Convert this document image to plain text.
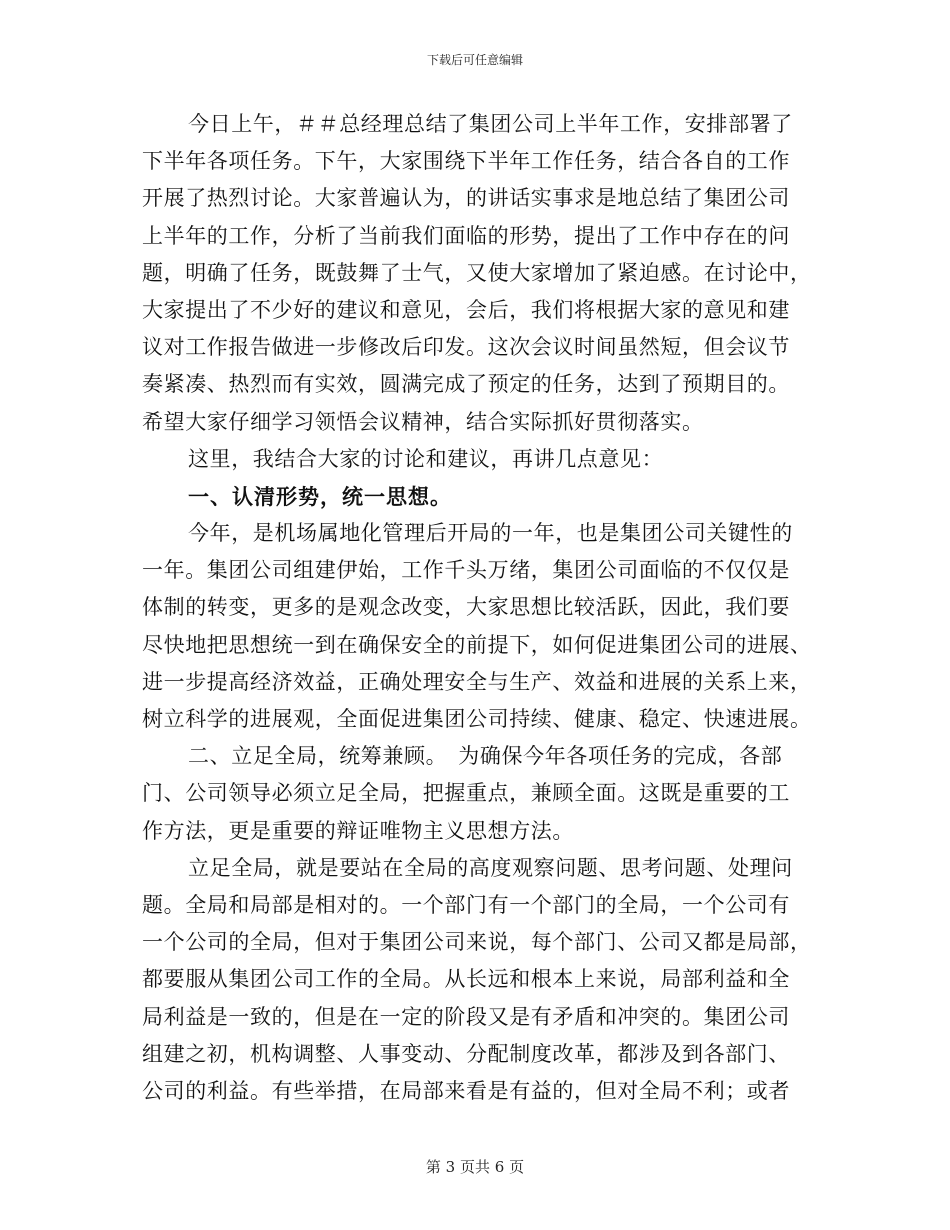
下载后可任意编辑
今日上午，＃＃总经理总结了集团公司上半年工作，安排部署了
下半年各项任务。下午，大家围绕下半年工作任务，结合各自的工作
开展了热烈讨论。大家普遍认为，的讲话实事求是地总结了集团公司
上半年的工作，分析了当前我们面临的形势，提出了工作中存在的问
题，明确了任务，既鼓舞了士气，又使大家增加了紧迫感。在讨论中，
大家提出了不少好的建议和意见，会后，我们将根据大家的意见和建
议对工作报告做进一步修改后印发。这次会议时间虽然短，但会议节
奏紧凑、热烈而有实效，圆满完成了预定的任务，达到了预期目的。
希望大家仔细学习领悟会议精神，结合实际抓好贯彻落实。
这里，我结合大家的讨论和建议，再讲几点意见：
一、认清形势，统一思想。
今年，是机场属地化管理后开局的一年，也是集团公司关键性的
一年。集团公司组建伊始，工作千头万绪，集团公司面临的不仅仅是
体制的转变，更多的是观念改变，大家思想比较活跃，因此，我们要
尽快地把思想统一到在确保安全的前提下，如何促进集团公司的进展、
进一步提高经济效益，正确处理安全与生产、效益和进展的关系上来，
树立科学的进展观，全面促进集团公司持续、健康、稳定、快速进展。
二、立足全局，统筹兼顾。　为确保今年各项任务的完成，各部
门、公司领导必须立足全局，把握重点，兼顾全面。这既是重要的工
作方法，更是重要的辩证唯物主义思想方法。
立足全局，就是要站在全局的高度观察问题、思考问题、处理问
题。全局和局部是相对的。一个部门有一个部门的全局，一个公司有
一个公司的全局，但对于集团公司来说，每个部门、公司又都是局部，
都要服从集团公司工作的全局。从长远和根本上来说，局部利益和全
局利益是一致的，但是在一定的阶段又是有矛盾和冲突的。集团公司
组建之初，机构调整、人事变动、分配制度改革，都涉及到各部门、
公司的利益。有些举措，在局部来看是有益的，但对全局不利；或者
第 3 页共 6 页
